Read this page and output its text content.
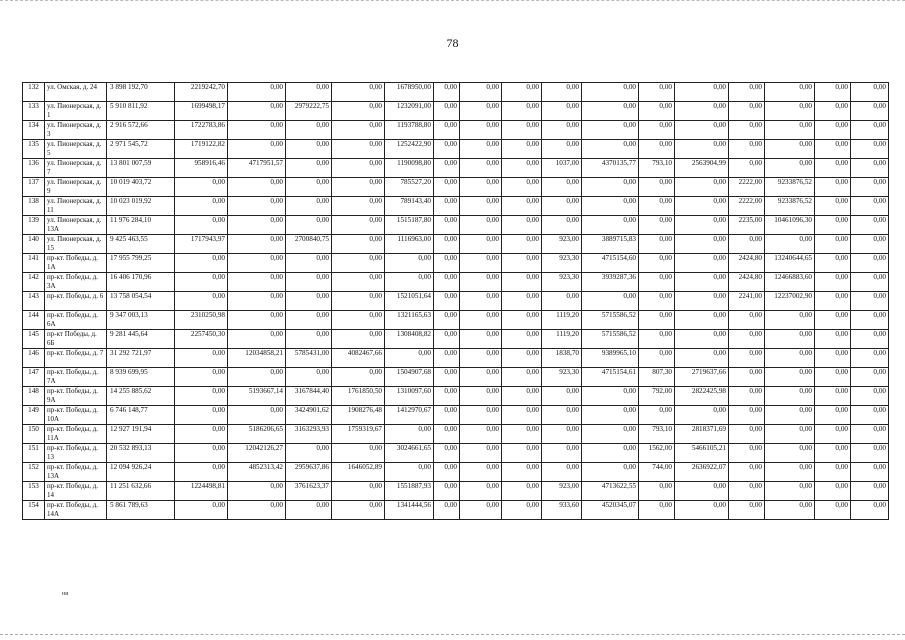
78
132	ул. Омская, д. 24	3 898 192,70	2219242,70	0,00	0,00	0,00	1678950,00	0,00	0,00	0,00	0,00	0,00	0,00	0,00	0,00	0,00	0,00	0,00
133	ул. Пионерская, д. 1	5 910 811,92	1699498,17	0,00	2979222,75	0,00	1232091,00	0,00	0,00	0,00	0,00	0,00	0,00	0,00	0,00	0,00	0,00	0,00
134	ул. Пионерская, д. 3	2 916 572,66	1722783,86	0,00	0,00	0,00	1193788,80	0,00	0,00	0,00	0,00	0,00	0,00	0,00	0,00	0,00	0,00	0,00
135	ул. Пионерская, д. 5	2 971 545,72	1719122,82	0,00	0,00	0,00	1252422,90	0,00	0,00	0,00	0,00	0,00	0,00	0,00	0,00	0,00	0,00	0,00
136	ул. Пионерская, д. 7	13 801 007,59	958916,46	4717951,57	0,00	0,00	1190098,80	0,00	0,00	0,00	1037,00	4370135,77	793,10	2563904,99	0,00	0,00	0,00	0,00
137	ул. Пионерская, д. 9	10 019 403,72	0,00	0,00	0,00	0,00	785527,20	0,00	0,00	0,00	0,00	0,00	0,00	0,00	2222,00	9233876,52	0,00	0,00
138	ул. Пионерская, д. 11	10 023 019,92	0,00	0,00	0,00	0,00	789143,40	0,00	0,00	0,00	0,00	0,00	0,00	0,00	2222,00	9233876,52	0,00	0,00
139	ул. Пионерская, д. 13А	11 976 284,10	0,00	0,00	0,00	0,00	1515187,80	0,00	0,00	0,00	0,00	0,00	0,00	0,00	2235,00	10461096,30	0,00	0,00
140	ул. Пионерская, д. 15	9 425 463,55	1717943,97	0,00	2700840,75	0,00	1116963,00	0,00	0,00	0,00	923,00	3889715,83	0,00	0,00	0,00	0,00	0,00	0,00
141	пр-кт. Победы, д. 1А	17 955 799,25	0,00	0,00	0,00	0,00	0,00	0,00	0,00	0,00	923,30	4715154,60	0,00	0,00	2424,80	13240644,65	0,00	0,00
142	пр-кт. Победы, д. 3А	16 406 170,96	0,00	0,00	0,00	0,00	0,00	0,00	0,00	0,00	923,30	3939287,36	0,00	0,00	2424,80	12466883,60	0,00	0,00
143	пр-кт. Победы, д. 6	13 758 054,54	0,00	0,00	0,00	0,00	1521051,64	0,00	0,00	0,00	0,00	0,00	0,00	0,00	2241,00	12237002,90	0,00	0,00
144	пр-кт. Победы, д. 6А	9 347 003,13	2310250,98	0,00	0,00	0,00	1321165,63	0,00	0,00	0,00	1119,20	5715586,52	0,00	0,00	0,00	0,00	0,00	0,00
145	пр-кт Победы, д. 6Б	9 281 445,64	2257450,30	0,00	0,00	0,00	1308408,82	0,00	0,00	0,00	1119,20	5715586,52	0,00	0,00	0,00	0,00	0,00	0,00
146	пр-кт. Победы, д. 7	31 292 721,97	0,00	12034858,21	5785431,00	4082467,66	0,00	0,00	0,00	0,00	1838,70	9389965,10	0,00	0,00	0,00	0,00	0,00	0,00
147	пр-кт. Победы, д. 7А	8 939 699,95	0,00	0,00	0,00	0,00	1504907,68	0,00	0,00	0,00	923,30	4715154,61	807,30	2719637,66	0,00	0,00	0,00	0,00
148	пр-кт. Победы, д. 9А	14 255 885,62	0,00	5193667,14	3167844,40	1761850,50	1310097,60	0,00	0,00	0,00	0,00	0,00	792,00	2822425,98	0,00	0,00	0,00	0,00
149	пр-кт. Победы, д. 10А	6 746 148,77	0,00	0,00	3424901,62	1908276,48	1412970,67	0,00	0,00	0,00	0,00	0,00	0,00	0,00	0,00	0,00	0,00	0,00
150	пр-кт. Победы, д. 11А	12 927 191,94	0,00	5186206,65	3163293,93	1759319,67	0,00	0,00	0,00	0,00	0,00	0,00	793,10	2818371,69	0,00	0,00	0,00	0,00
151	пр-кт. Победы, д. 13	20 532 893,13	0,00	12042126,27	0,00	0,00	3024661,65	0,00	0,00	0,00	0,00	0,00	1562,00	5466105,21	0,00	0,00	0,00	0,00
152	пр-кт. Победы, д. 13А	12 094 926,24	0,00	4852313,42	2959637,86	1646052,89	0,00	0,00	0,00	0,00	0,00	0,00	744,00	2636922,07	0,00	0,00	0,00	0,00
153	пр-кт. Победы, д. 14	11 251 632,66	1224498,81	0,00	3761623,37	0,00	1551887,93	0,00	0,00	0,00	923,00	4713622,55	0,00	0,00	0,00	0,00	0,00	0,00
154	пр-кт. Победы, д. 14А	5 861 789,63	0,00	0,00	0,00	0,00	1341444,56	0,00	0,00	0,00	933,60	4520345,07	0,00	0,00	0,00	0,00	0,00	0,00
ни
